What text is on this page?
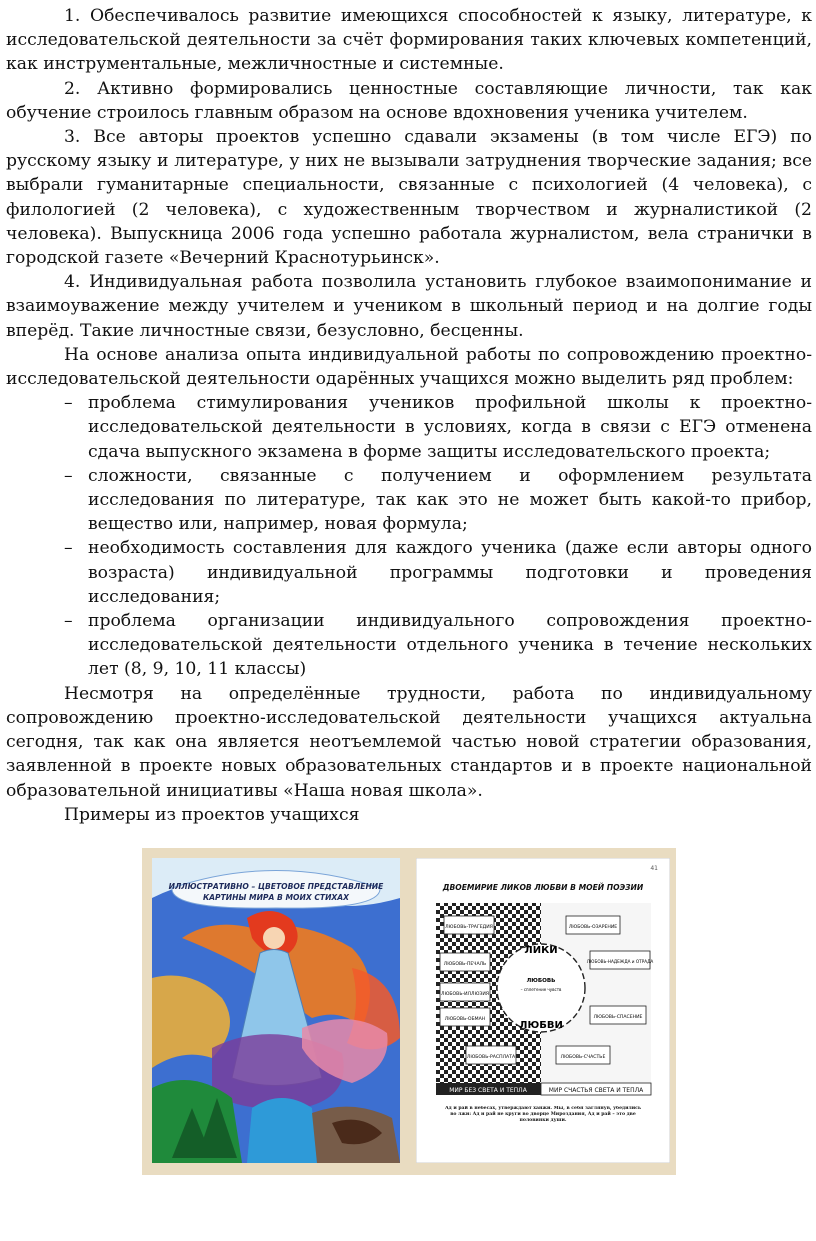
1. Обеспечивалось развитие имеющихся способностей к языку, литературе, к исследовательской деятельности за счёт формирования таких ключевых компетенций, как инструментальные, межличностные и системные.

2. Активно формировались ценностные составляющие личности, так как обучение строилось главным образом на основе вдохновения ученика учителем.

3. Все авторы проектов успешно сдавали экзамены (в том числе ЕГЭ) по русскому языку и литературе, у них не вызывали затруднения творческие задания; все выбрали гуманитарные специальности, связанные с психологией (4 человека), с филологией (2 человека), с художественным творчеством и журналистикой (2 человека). Выпускница 2006 года успешно работала журналистом, вела странички в городской газете «Вечерний Краснотурьинск».

4. Индивидуальная работа позволила установить глубокое взаимопонимание и взаимоуважение между учителем и учеником в школьный период и на долгие годы вперёд. Такие личностные связи, безусловно, бесценны.

На основе анализа опыта индивидуальной работы по сопровождению проектно-исследовательской деятельности одарённых учащихся можно выделить ряд проблем:

– проблема стимулирования учеников профильной школы к проектно-исследовательской деятельности в условиях, когда в связи с ЕГЭ отменена сдача выпускного экзамена в форме защиты исследовательского проекта;
– сложности, связанные с получением и оформлением результата исследования по литературе, так как это не может быть какой-то прибор, вещество или, например, новая формула;
– необходимость составления для каждого ученика (даже если авторы одного возраста) индивидуальной программы подготовки и проведения исследования;
– проблема организации индивидуального сопровождения проектно-исследовательской деятельности отдельного ученика в течение нескольких лет (8, 9, 10, 11 классы)

Несмотря на определённые трудности, работа по индивидуальному сопровождению проектно-исследовательской деятельности учащихся актуальна сегодня, так как она является неотъемлемой частью новой стратегии образования, заявленной в проекте новых образовательных стандартов и в проекте национальной образовательной инициативы «Наша новая школа».

Примеры из проектов учащихся

ИЛЛЮСТРАТИВНО – ЦВЕТОВОЕ ПРЕДСТАВЛЕНИЕ
КАРТИНЫ МИРА В МОИХ СТИХАХ
41
ДВОЕМИРИЕ ЛИКОВ ЛЮБВИ В МОЕЙ ПОЭЗИИ
ЛЮБОВЬ-ТРАГЕДИЯ
ЛЮБОВЬ-ПЕЧАЛЬ
ЛЮБОВЬ-ИЛЛЮЗИЯ
ЛЮБОВЬ-ОБМАН
ЛЮБОВЬ-РАСПЛАТА
ЛЮБОВЬ-ОЗАРЕНИЕ
ЛЮБОВЬ-НАДЕЖДА и ОТРАДА
ЛЮБОВЬ-СПАСЕНИЕ
ЛЮБОВЬ-СЧАСТЬЕ
ЛИКИ
ЛЮБОВЬ
– сплетение чувств
ЛЮБВИ
МИР БЕЗ СВЕТА И ТЕПЛА	МИР СЧАСТЬЯ СВЕТА И ТЕПЛА
Ад и рай в небесах, утверждают ханжи. Мы, в себя заглянув, убедились во лжи: Ад и рай не круги во дворце Мироздания, Ад и рай – это две половинки души.
